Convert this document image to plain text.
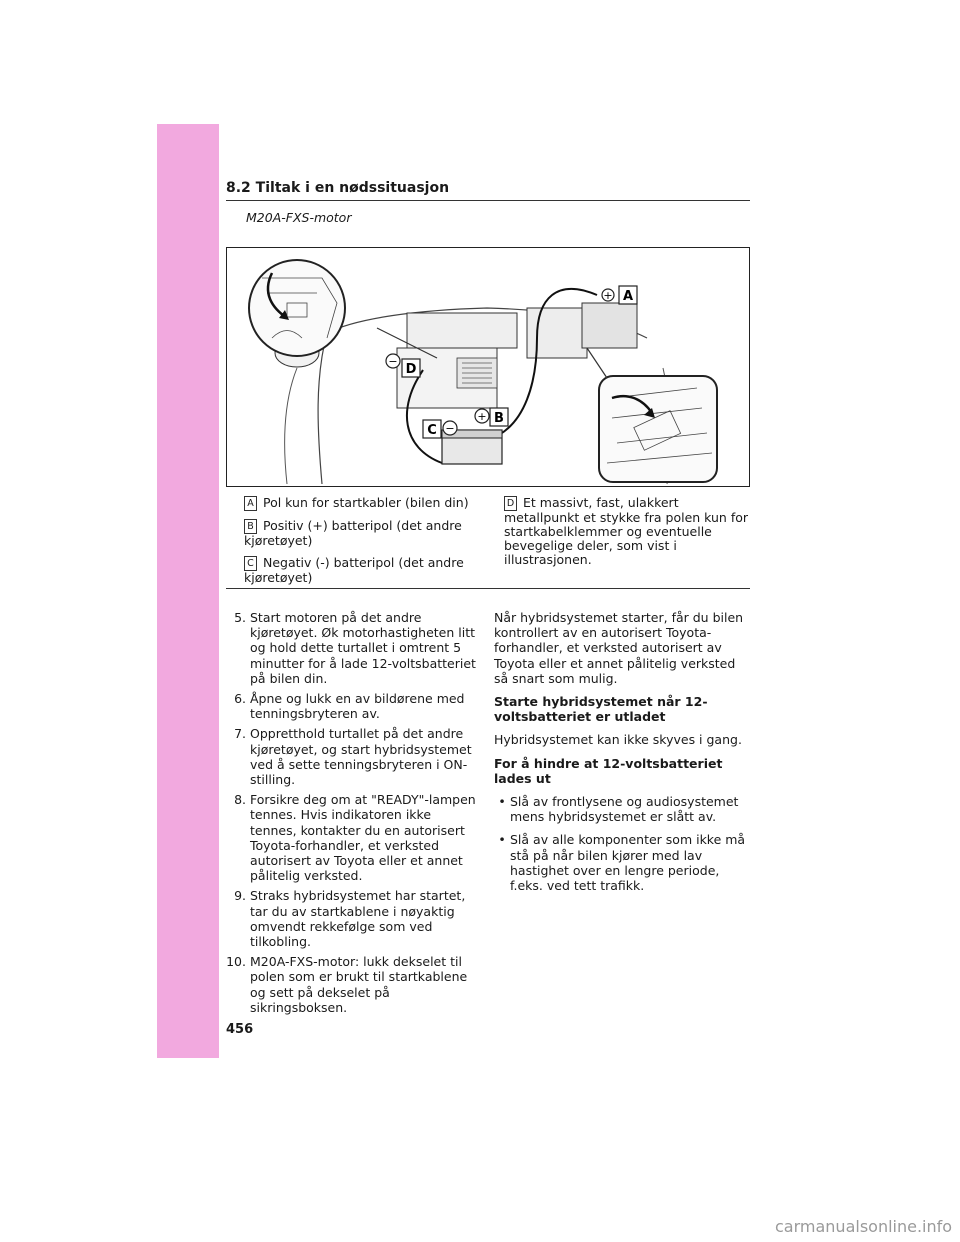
8.2 Tiltak i en nødssituasjon
M20A-FXS-motor
+ A
−
D
+ B
C −
A Pol kun for startkabler (bilen din)
B Positiv (+) batteripol (det andre kjøretøyet)
C Negativ (-) batteripol (det andre kjøretøyet)
D Et massivt, fast, ulakkert metallpunkt et stykke fra polen kun for startkabelklemmer og eventuelle bevegelige deler, som vist i illustrasjonen.
5. Start motoren på det andre kjøretøyet. Øk motorhastigheten litt og hold dette turtallet i omtrent 5 minutter for å lade 12-voltsbatteriet på bilen din.
6. Åpne og lukk en av bildørene med tenningsbryteren av.
7. Oppretthold turtallet på det andre kjøretøyet, og start hybridsystemet ved å sette tenningsbryteren i ON-stilling.
8. Forsikre deg om at "READY"-lampen tennes. Hvis indikatoren ikke tennes, kontakter du en autorisert Toyota-forhandler, et verksted autorisert av Toyota eller et annet pålitelig verksted.
9. Straks hybridsystemet har startet, tar du av startkablene i nøyaktig omvendt rekkefølge som ved tilkobling.
10. M20A-FXS-motor: lukk dekselet til polen som er brukt til startkablene og sett på dekselet på sikringsboksen.

Når hybridsystemet starter, får du bilen kontrollert av en autorisert Toyota-forhandler, et verksted autorisert av Toyota eller et annet pålitelig verksted så snart som mulig.

Starte hybridsystemet når 12-voltsbatteriet er utladet

Hybridsystemet kan ikke skyves i gang.

For å hindre at 12-voltsbatteriet lades ut

• Slå av frontlysene og audiosystemet mens hybridsystemet er slått av.
• Slå av alle komponenter som ikke må stå på når bilen kjører med lav hastighet over en lengre periode, f.eks. ved tett trafikk.
456
carmanualsonline.info
